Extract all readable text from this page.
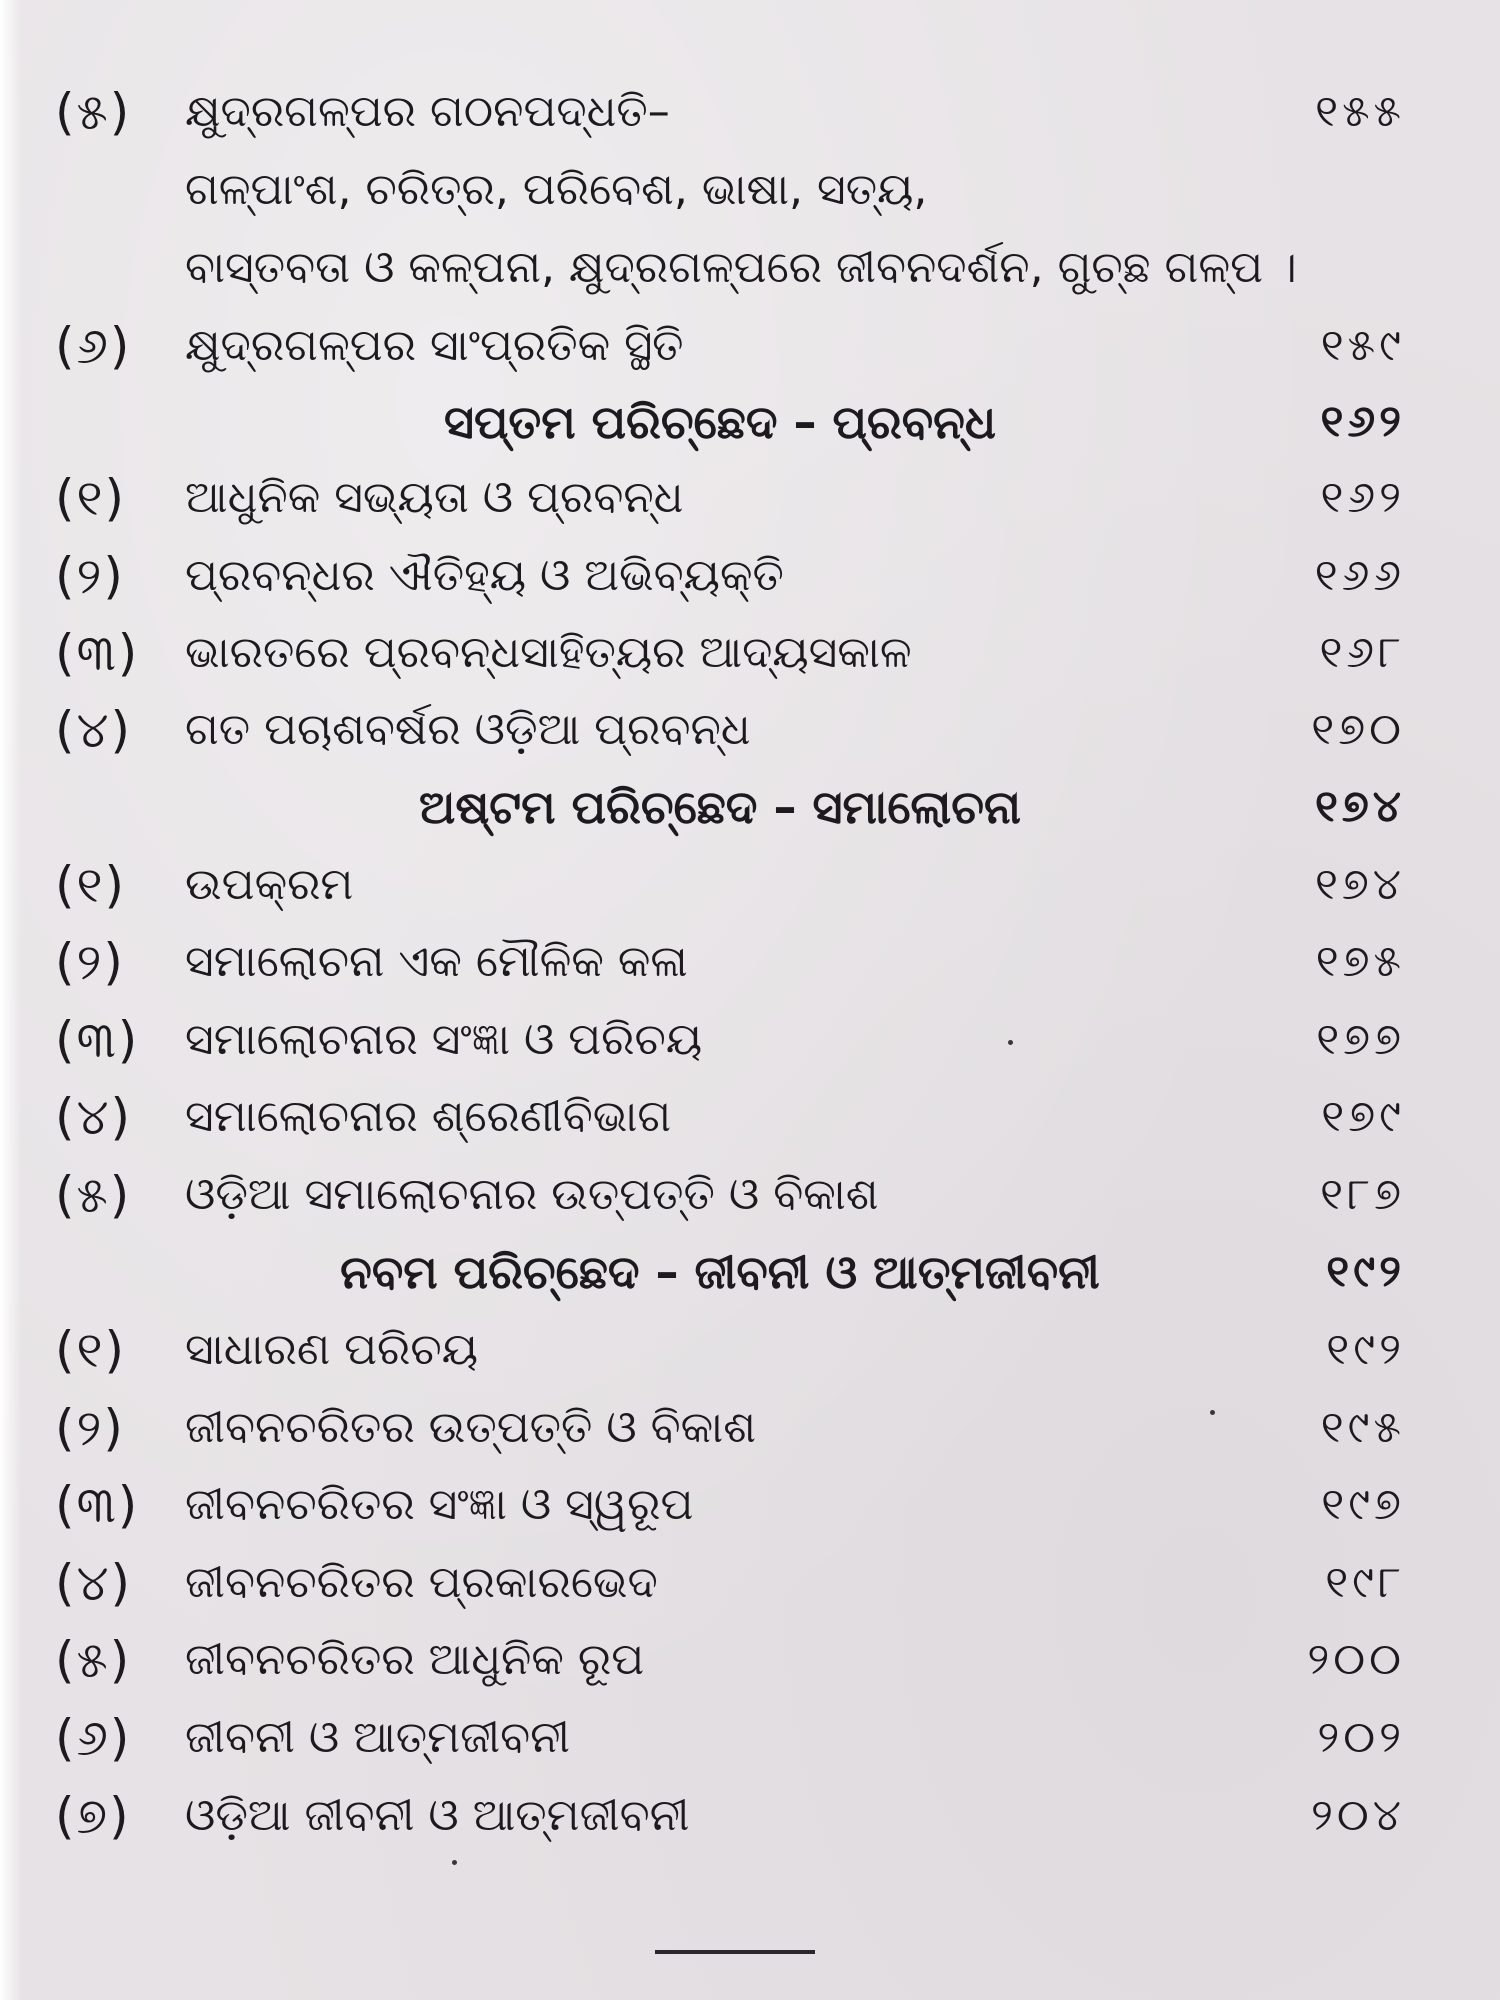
(୫)	କ୍ଷୁଦ୍ରଗଳ୍ପର ଗଠନପଦ୍ଧତି–	୧୫୫
ଗଳ୍ପାଂଶ, ଚରିତ୍ର, ପରିବେଶ, ଭାଷା, ସତ୍ୟ,
ବାସ୍ତବତା ଓ କଳ୍ପନା, କ୍ଷୁଦ୍ରଗଳ୍ପରେ ଜୀବନଦର୍ଶନ, ଗୁଚ୍ଛ ଗଳ୍ପ ।
(୬)	କ୍ଷୁଦ୍ରଗଳ୍ପର ସାଂପ୍ରତିକ ସ୍ଥିତି	୧୫୯
ସପ୍ତମ ପରିଚ୍ଛେଦ – ପ୍ରବନ୍ଧ	୧୬୨
(୧)	ଆଧୁନିକ ସଭ୍ୟତା ଓ ପ୍ରବନ୍ଧ	୧୬୨
(୨)	ପ୍ରବନ୍ଧର ଐତିହ୍ୟ ଓ ଅଭିବ୍ୟକ୍ତି	୧୬୬
(୩)	ଭାରତରେ ପ୍ରବନ୍ଧସାହିତ୍ୟର ଆଦ୍ୟସକାଳ	୧୬୮
(୪)	ଗତ ପଚାଶବର୍ଷର ଓଡ଼ିଆ ପ୍ରବନ୍ଧ	୧୭୦
ଅଷ୍ଟମ ପରିଚ୍ଛେଦ – ସମାଲୋଚନା	୧୭୪
(୧)	ଉପକ୍ରମ	୧୭୪
(୨)	ସମାଲୋଚନା ଏକ ମୌଳିକ କଳା	୧୭୫
(୩)	ସମାଲୋଚନାର ସଂଜ୍ଞା ଓ ପରିଚୟ	୧୭୭
(୪)	ସମାଲୋଚନାର ଶ୍ରେଣୀବିଭାଗ	୧୭୯
(୫)	ଓଡ଼ିଆ ସମାଲୋଚନାର ଉତ୍ପତ୍ତି ଓ ବିକାଶ	୧୮୭
ନବମ ପରିଚ୍ଛେଦ – ଜୀବନୀ ଓ ଆତ୍ମଜୀବନୀ	୧୯୨
(୧)	ସାଧାରଣ ପରିଚୟ	୧୯୨
(୨)	ଜୀବନଚରିତର ଉତ୍ପତ୍ତି ଓ ବିକାଶ	୧୯୫
(୩)	ଜୀବନଚରିତର ସଂଜ୍ଞା ଓ ସ୍ୱରୂପ	୧୯୭
(୪)	ଜୀବନଚରିତର ପ୍ରକାରଭେଦ	୧୯୮
(୫)	ଜୀବନଚରିତର ଆଧୁନିକ ରୂପ	୨୦୦
(୬)	ଜୀବନୀ ଓ ଆତ୍ମଜୀବନୀ	୨୦୨
(୭)	ଓଡ଼ିଆ ଜୀବନୀ ଓ ଆତ୍ମଜୀବନୀ	୨୦୪
